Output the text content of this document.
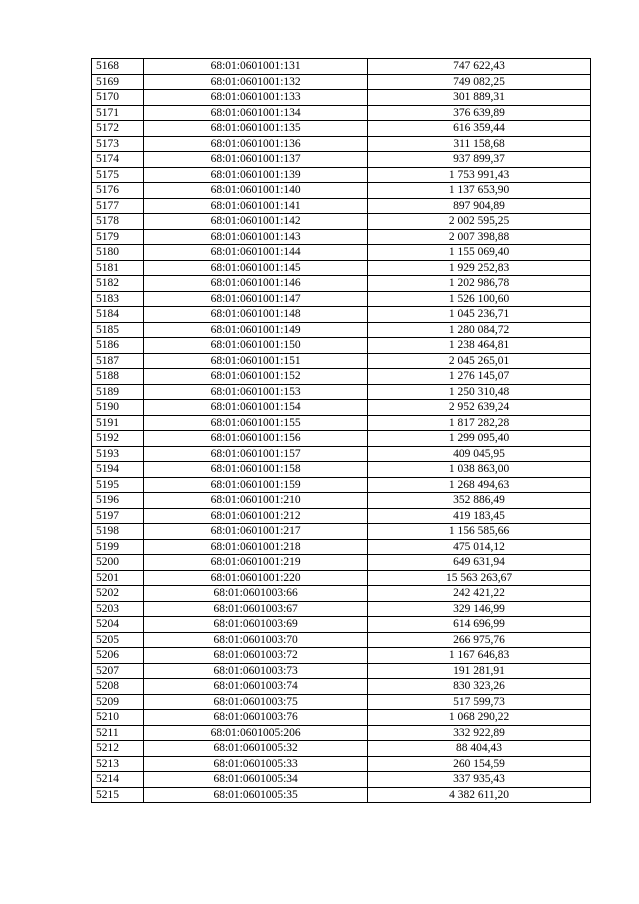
5168	68:01:0601001:131	747 622,43
5169	68:01:0601001:132	749 082,25
5170	68:01:0601001:133	301 889,31
5171	68:01:0601001:134	376 639,89
5172	68:01:0601001:135	616 359,44
5173	68:01:0601001:136	311 158,68
5174	68:01:0601001:137	937 899,37
5175	68:01:0601001:139	1 753 991,43
5176	68:01:0601001:140	1 137 653,90
5177	68:01:0601001:141	897 904,89
5178	68:01:0601001:142	2 002 595,25
5179	68:01:0601001:143	2 007 398,88
5180	68:01:0601001:144	1 155 069,40
5181	68:01:0601001:145	1 929 252,83
5182	68:01:0601001:146	1 202 986,78
5183	68:01:0601001:147	1 526 100,60
5184	68:01:0601001:148	1 045 236,71
5185	68:01:0601001:149	1 280 084,72
5186	68:01:0601001:150	1 238 464,81
5187	68:01:0601001:151	2 045 265,01
5188	68:01:0601001:152	1 276 145,07
5189	68:01:0601001:153	1 250 310,48
5190	68:01:0601001:154	2 952 639,24
5191	68:01:0601001:155	1 817 282,28
5192	68:01:0601001:156	1 299 095,40
5193	68:01:0601001:157	409 045,95
5194	68:01:0601001:158	1 038 863,00
5195	68:01:0601001:159	1 268 494,63
5196	68:01:0601001:210	352 886,49
5197	68:01:0601001:212	419 183,45
5198	68:01:0601001:217	1 156 585,66
5199	68:01:0601001:218	475 014,12
5200	68:01:0601001:219	649 631,94
5201	68:01:0601001:220	15 563 263,67
5202	68:01:0601003:66	242 421,22
5203	68:01:0601003:67	329 146,99
5204	68:01:0601003:69	614 696,99
5205	68:01:0601003:70	266 975,76
5206	68:01:0601003:72	1 167 646,83
5207	68:01:0601003:73	191 281,91
5208	68:01:0601003:74	830 323,26
5209	68:01:0601003:75	517 599,73
5210	68:01:0601003:76	1 068 290,22
5211	68:01:0601005:206	332 922,89
5212	68:01:0601005:32	88 404,43
5213	68:01:0601005:33	260 154,59
5214	68:01:0601005:34	337 935,43
5215	68:01:0601005:35	4 382 611,20
